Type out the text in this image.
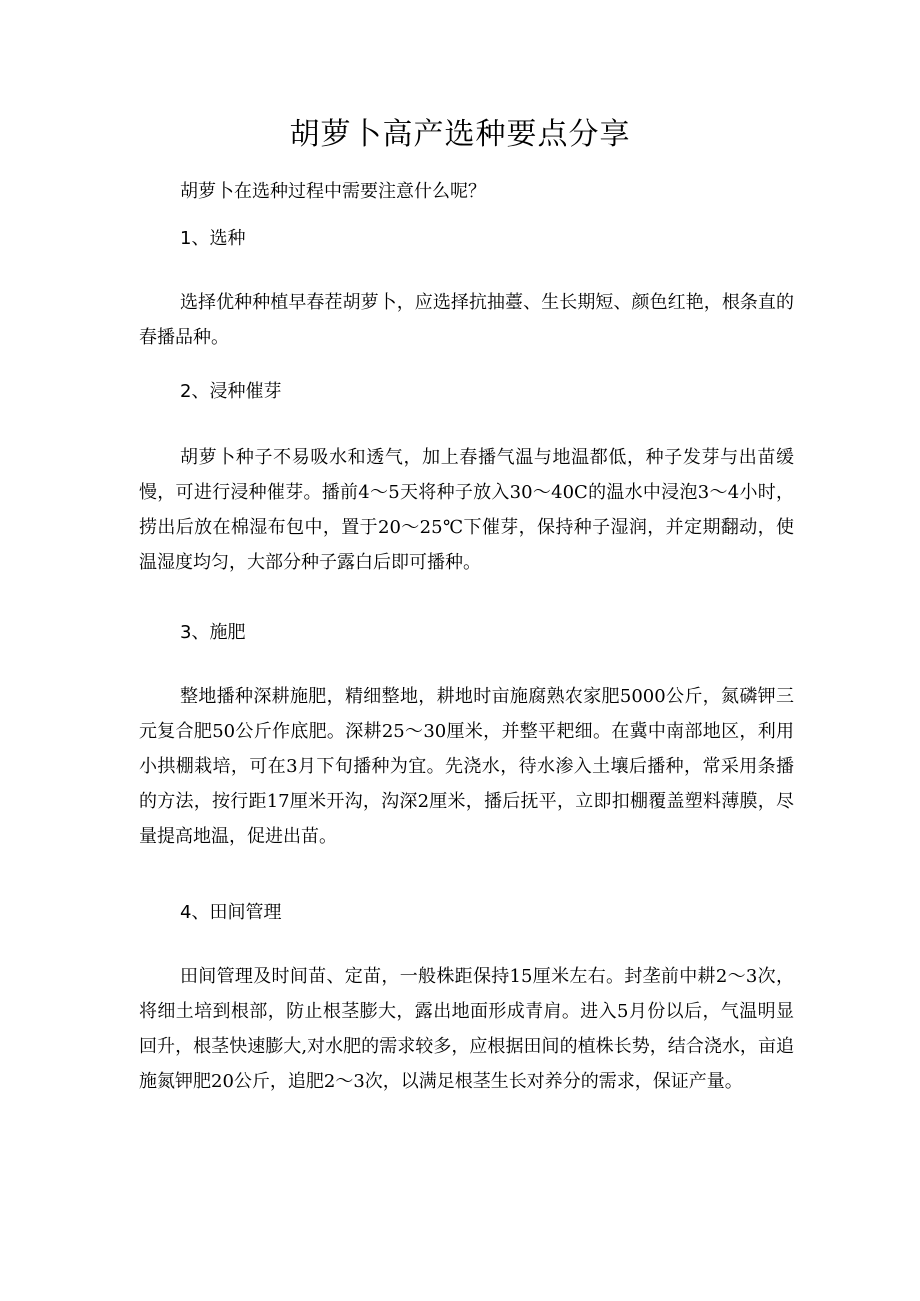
胡萝卜高产选种要点分享

胡萝卜在选种过程中需要注意什么呢？

1、选种

选择优种种植早春茬胡萝卜，应选择抗抽薹、生长期短、颜色红艳，根条直的春播品种。

2、浸种催芽

胡萝卜种子不易吸水和透气，加上春播气温与地温都低，种子发芽与出苗缓慢，可进行浸种催芽。播前4～5天将种子放入30～40C的温水中浸泡3～4小时，捞出后放在棉湿布包中，置于20～25℃下催芽，保持种子湿润，并定期翻动，使温湿度均匀，大部分种子露白后即可播种。

3、施肥

整地播种深耕施肥，精细整地，耕地时亩施腐熟农家肥5000公斤，氮磷钾三元复合肥50公斤作底肥。深耕25～30厘米，并整平耙细。在冀中南部地区，利用小拱棚栽培，可在3月下旬播种为宜。先浇水，待水渗入土壤后播种，常采用条播的方法，按行距17厘米开沟，沟深2厘米，播后抚平，立即扣棚覆盖塑料薄膜，尽量提高地温，促进出苗。

4、田间管理

田间管理及时间苗、定苗，一般株距保持15厘米左右。封垄前中耕2～3次，将细土培到根部，防止根茎膨大，露出地面形成青肩。进入5月份以后，气温明显回升，根茎快速膨大,对水肥的需求较多，应根据田间的植株长势，结合浇水，亩追施氮钾肥20公斤，追肥2～3次，以满足根茎生长对养分的需求，保证产量。
